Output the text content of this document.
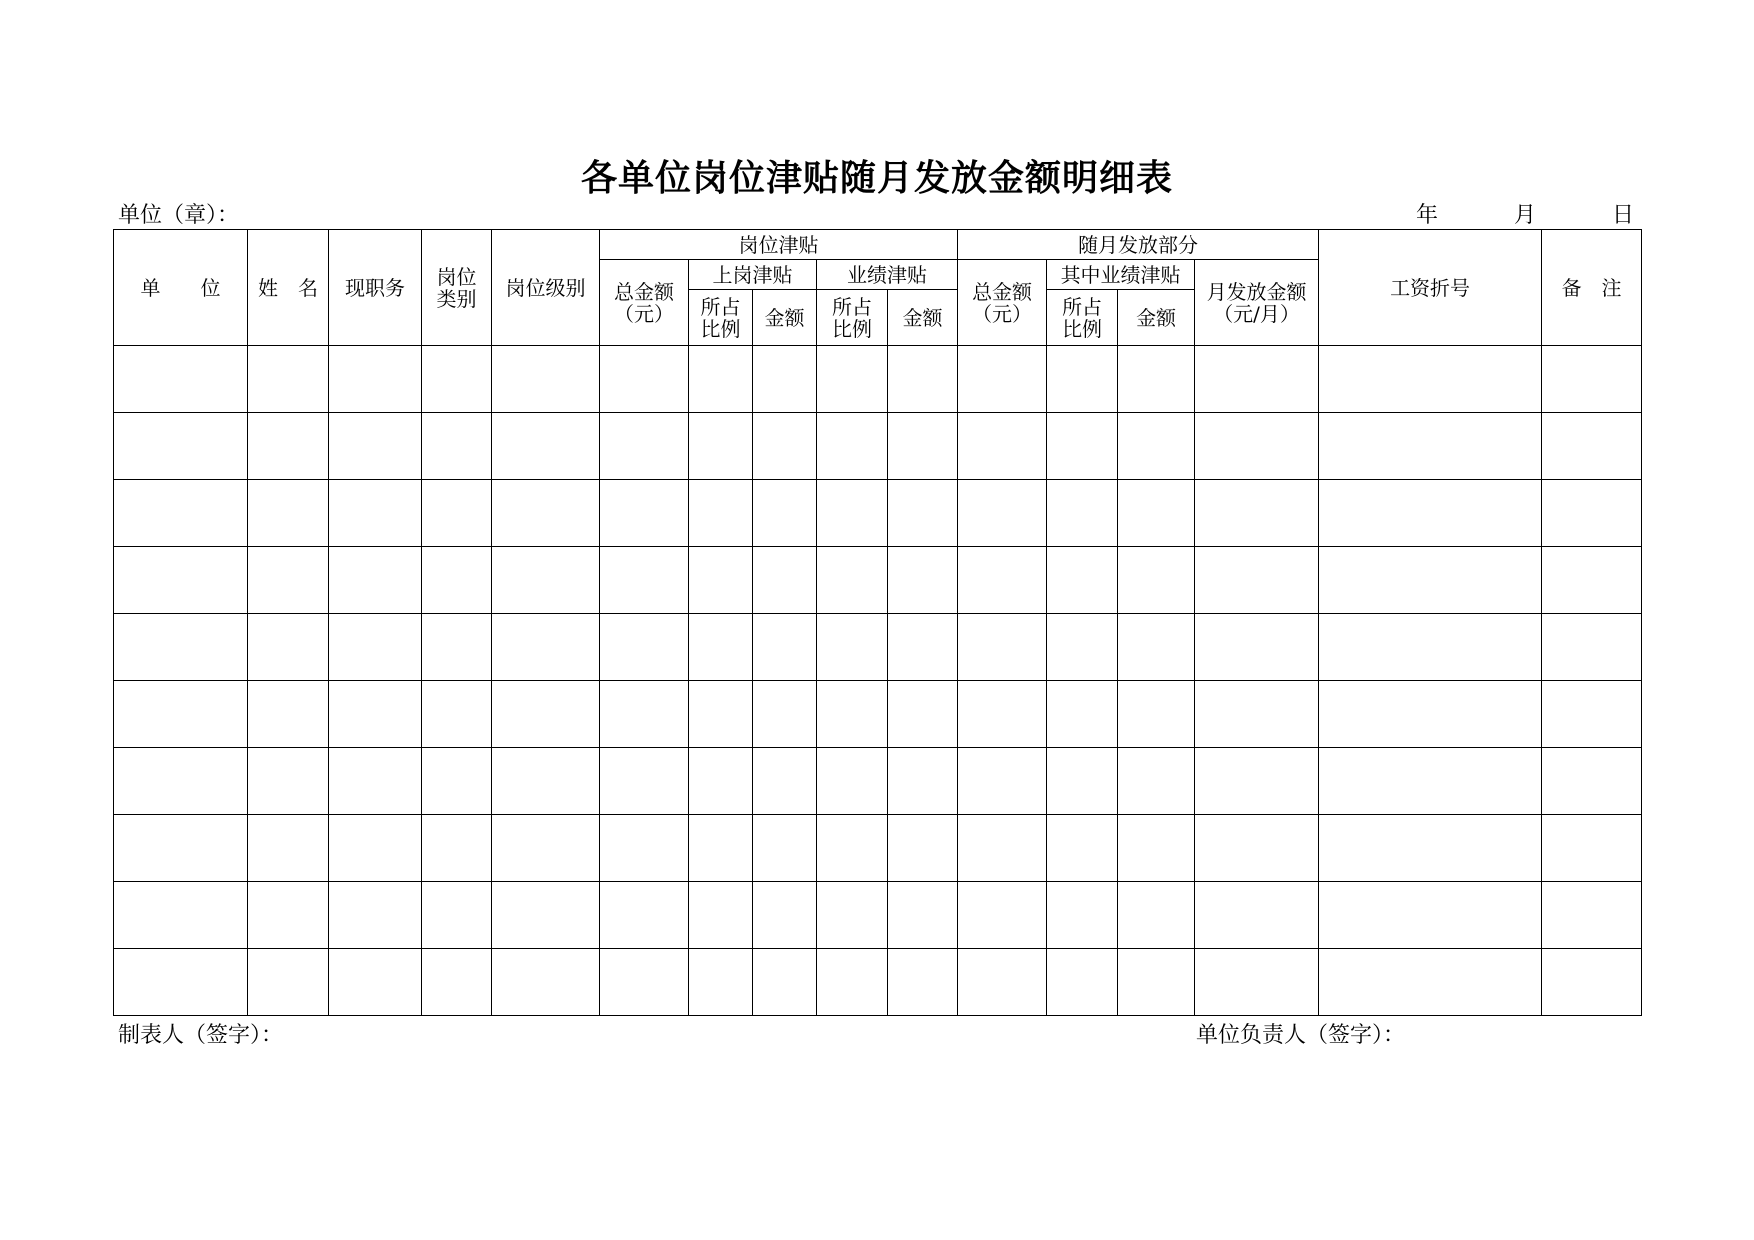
各单位岗位津贴随月发放金额明细表
单位（章）：	年	月	日
单　　位	姓　名	现职务	岗位类别	岗位级别	岗位津贴					随月发放部分				工资折号	备　注

					总金额（元）	上岗津贴		业绩津贴		总金额（元）	其中业绩津贴		月发放金额（元/月）		

						所占比例	金额	所占比例	金额		所占比例	金额			

制表人（签字）：	单位负责人（签字）：
